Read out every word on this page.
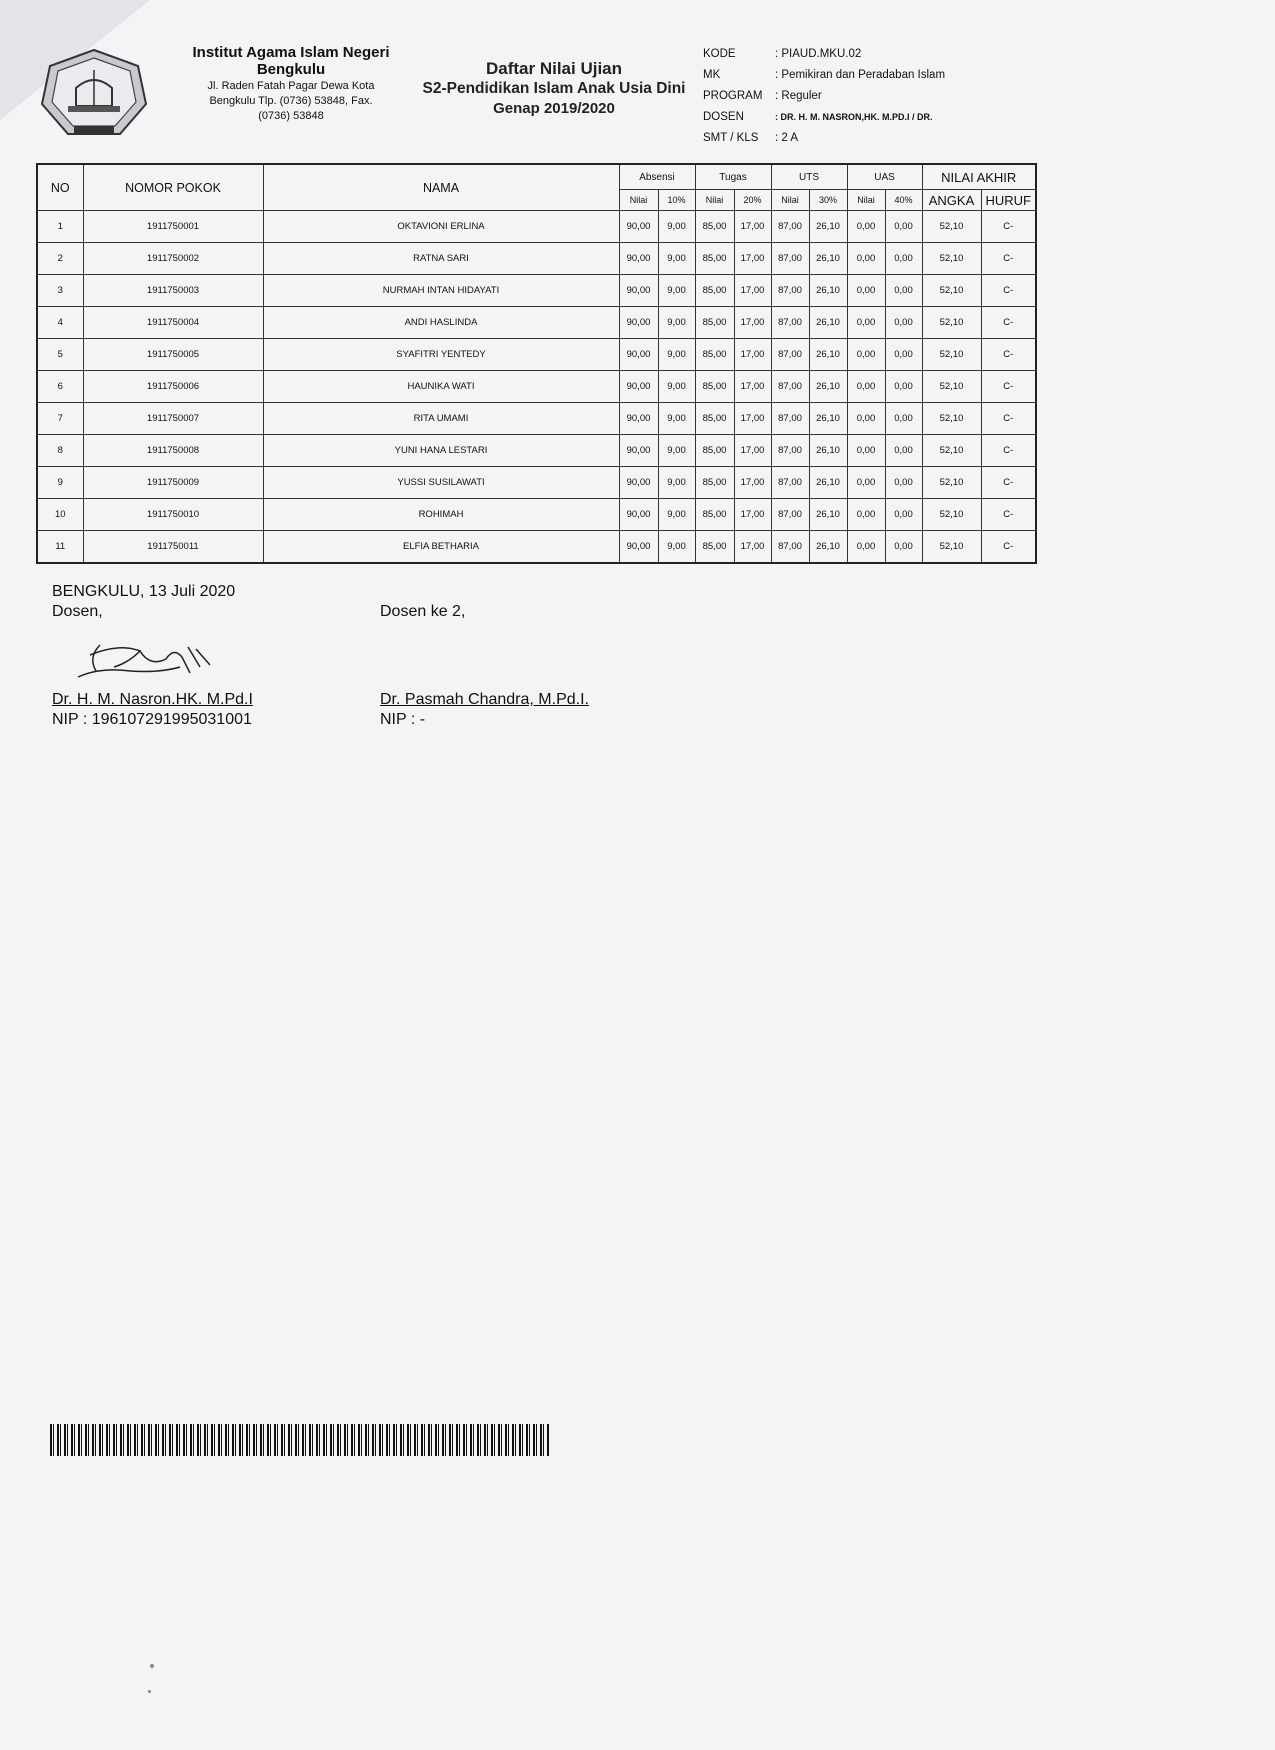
Institut Agama Islam Negeri
Bengkulu
Jl. Raden Fatah Pagar Dewa Kota
Bengkulu Tlp. (0736) 53848, Fax.
(0736) 53848
Daftar Nilai Ujian
S2-Pendidikan Islam Anak Usia Dini
Genap 2019/2020
KODE	: PIAUD.MKU.02
MK	: Pemikiran dan Peradaban Islam
PROGRAM : Reguler
DOSEN	: DR. H. M. NASRON,HK. M.PD.I / DR.
SMT / KLS : 2 A
NO	NOMOR POKOK	NAMA	Absensi		Tugas		UTS		UAS		NILAI AKHIR	
			Nilai	10%	Nilai	20%	Nilai	30%	Nilai	40%	ANGKA	HURUF
1	1911750001	OKTAVIONI ERLINA	90,00	9,00	85,00	17,00	87,00	26,10	0,00	0,00	52,10	C-
2	1911750002	RATNA SARI	90,00	9,00	85,00	17,00	87,00	26,10	0,00	0,00	52,10	C-
3	1911750003	NURMAH INTAN HIDAYATI	90,00	9,00	85,00	17,00	87,00	26,10	0,00	0,00	52,10	C-
4	1911750004	ANDI HASLINDA	90,00	9,00	85,00	17,00	87,00	26,10	0,00	0,00	52,10	C-
5	1911750005	SYAFITRI YENTEDY	90,00	9,00	85,00	17,00	87,00	26,10	0,00	0,00	52,10	C-
6	1911750006	HAUNIKA WATI	90,00	9,00	85,00	17,00	87,00	26,10	0,00	0,00	52,10	C-
7	1911750007	RITA UMAMI	90,00	9,00	85,00	17,00	87,00	26,10	0,00	0,00	52,10	C-
8	1911750008	YUNI HANA LESTARI	90,00	9,00	85,00	17,00	87,00	26,10	0,00	0,00	52,10	C-
9	1911750009	YUSSI SUSILAWATI	90,00	9,00	85,00	17,00	87,00	26,10	0,00	0,00	52,10	C-
10	1911750010	ROHIMAH	90,00	9,00	85,00	17,00	87,00	26,10	0,00	0,00	52,10	C-
11	1911750011	ELFIA BETHARIA	90,00	9,00	85,00	17,00	87,00	26,10	0,00	0,00	52,10	C-
BENGKULU, 13 Juli 2020
Dosen,
Dr. H. M. Nasron.HK. M.Pd.I
NIP : 196107291995031001
Dosen ke 2,
Dr. Pasmah Chandra, M.Pd.I.
NIP : -
